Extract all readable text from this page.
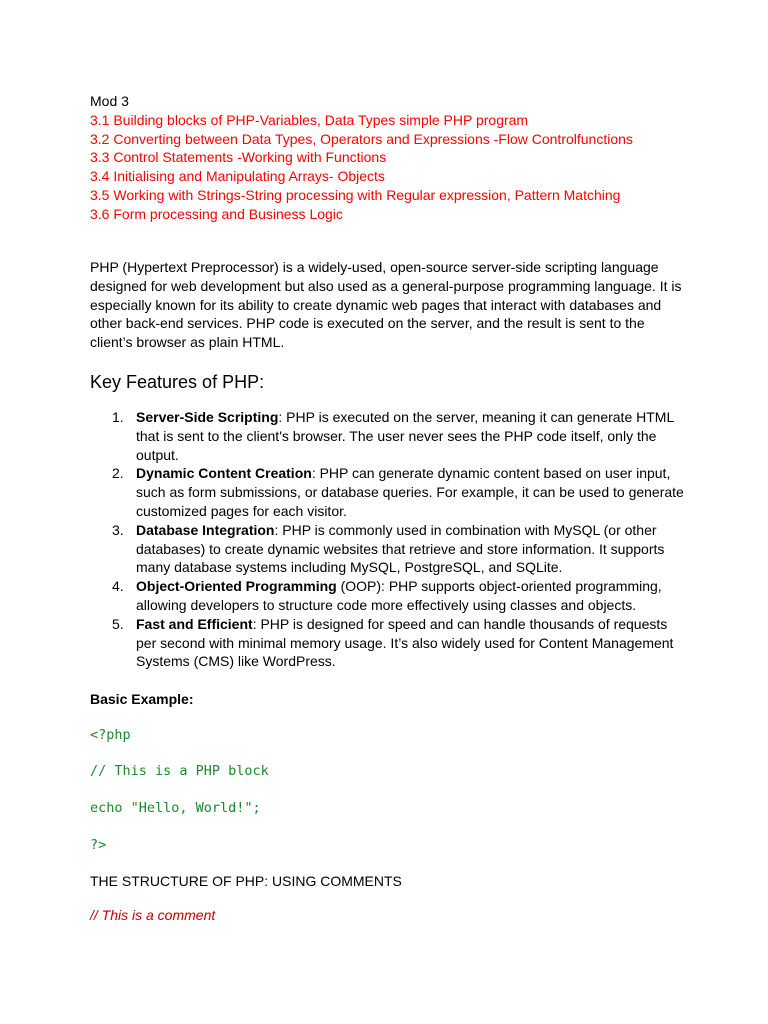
Mod 3

3.1 Building blocks of PHP-Variables, Data Types simple PHP program
3.2 Converting between Data Types, Operators and Expressions -Flow Controlfunctions
3.3 Control Statements -Working with Functions
3.4 Initialising and Manipulating Arrays- Objects
3.5 Working with Strings-String processing with Regular expression, Pattern Matching
3.6 Form processing and Business Logic

PHP (Hypertext Preprocessor) is a widely-used, open-source server-side scripting language designed for web development but also used as a general-purpose programming language. It is especially known for its ability to create dynamic web pages that interact with databases and other back-end services. PHP code is executed on the server, and the result is sent to the client’s browser as plain HTML.

Key Features of PHP:
1. Server-Side Scripting: PHP is executed on the server, meaning it can generate HTML that is sent to the client's browser. The user never sees the PHP code itself, only the output.
2. Dynamic Content Creation: PHP can generate dynamic content based on user input, such as form submissions, or database queries. For example, it can be used to generate customized pages for each visitor.
3. Database Integration: PHP is commonly used in combination with MySQL (or other databases) to create dynamic websites that retrieve and store information. It supports many database systems including MySQL, PostgreSQL, and SQLite.
4. Object-Oriented Programming (OOP): PHP supports object-oriented programming, allowing developers to structure code more effectively using classes and objects.
5. Fast and Efficient: PHP is designed for speed and can handle thousands of requests per second with minimal memory usage. It’s also widely used for Content Management Systems (CMS) like WordPress.

Basic Example:

<?php

// This is a PHP block

echo "Hello, World!";

?>

THE STRUCTURE OF PHP: USING COMMENTS

// This is a comment
